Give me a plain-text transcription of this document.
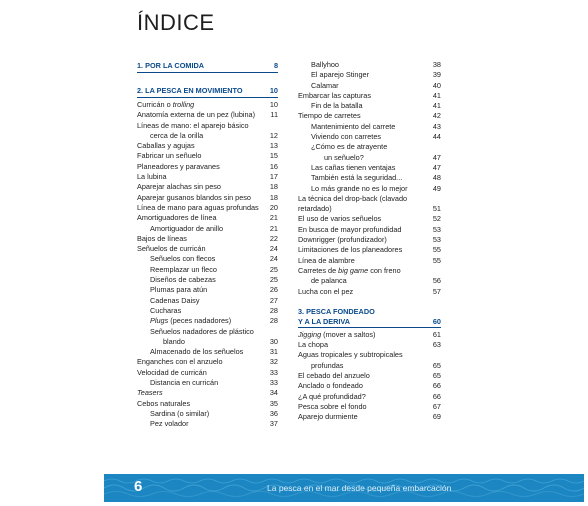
ÍNDICE
1. POR LA COMIDA	8
2. LA PESCA EN MOVIMIENTO	10
Curricán o trolling	10
Anatomía externa de un pez (lubina) 11
Líneas de mano: el aparejo básico
cerca de la orilla	12
Caballas y agujas	13
Fabricar un señuelo	15
Planeadores y paravanes	16
La lubina	17
Aparejar alachas sin peso	18
Aparejar gusanos blandos sin peso	18
Línea de mano para aguas profundas 20
Amortiguadores de línea	21
Amortiguador de anillo	21
Bajos de líneas	22
Señuelos de curricán	24
Señuelos con flecos	24
Reemplazar un fleco	25
Diseños de cabezas	25
Plumas para atún	26
Cadenas Daisy	27
Cucharas	28
Plugs (peces nadadores)	28
Señuelos nadadores de plástico
blando	30
Almacenado de los señuelos	31
Enganches con el anzuelo	32
Velocidad de curricán	33
Distancia en curricán	33
Teasers	34
Cebos naturales	35
Sardina (o similar)	36
Pez volador	37
Ballyhoo	38
El aparejo Stinger	39
Calamar	40
Embarcar las capturas	41
Fin de la batalla	41
Tiempo de carretes	42
Mantenimiento del carrete	43
Viviendo con carretes	44
¿Cómo es de atrayente
un señuelo?	47
Las cañas tienen ventajas	47
También está la seguridad...	48
Lo más grande no es lo mejor	49
La técnica del drop-back (clavado
retardado)	51
El uso de varios señuelos	52
En busca de mayor profundidad	53
Downrigger (profundizador)	53
Limitaciones de los planeadores	55
Línea de alambre	55
Carretes de big game con freno
de palanca	56
Lucha con el pez	57
3. PESCA FONDEADO
Y A LA DERIVA	60
Jigging (mover a saltos)	61
La chopa	63
Aguas tropicales y subtropicales
profundas	65
El cebado del anzuelo	65
Anclado o fondeado	66
¿A qué profundidad?	66
Pesca sobre el fondo	67
Aparejo durmiente	69
6	La pesca en el mar desde pequeña embarcación
